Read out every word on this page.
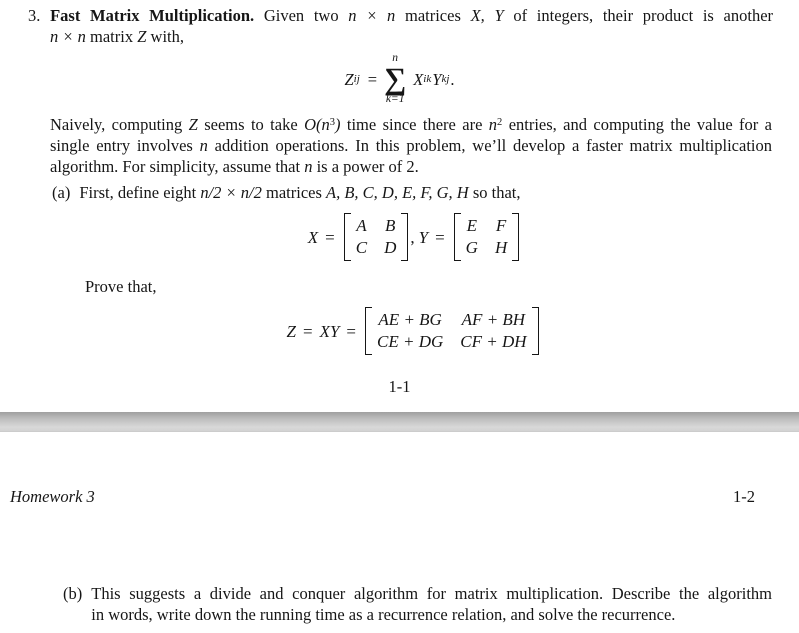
3. Fast Matrix Multiplication. Given two n × n matrices X, Y of integers, their product is another
n × n matrix Z with,
Z ij =
n
∑
k=1
X ik Y kj .
Naively, computing Z seems to take $O(n^3)$ time since there are $n^2$ entries, and computing the value for a
single entry involves n addition operations. In this problem, we’ll develop a faster matrix multiplication
algorithm. For simplicity, assume that n is a power of 2.
(a) First, define eight n/2 × n/2 matrices A, B, C, D, E, F, G, H so that,
X =
A B
C D
, Y =
E F
G H
Prove that,
Z = XY =
AE + BG AF + BH
CE + DG CF + DH
1-1
Homework 3	1-2
(b) This suggests a divide and conquer algorithm for matrix multiplication. Describe the algorithm
in words, write down the running time as a recurrence relation, and solve the recurrence.
